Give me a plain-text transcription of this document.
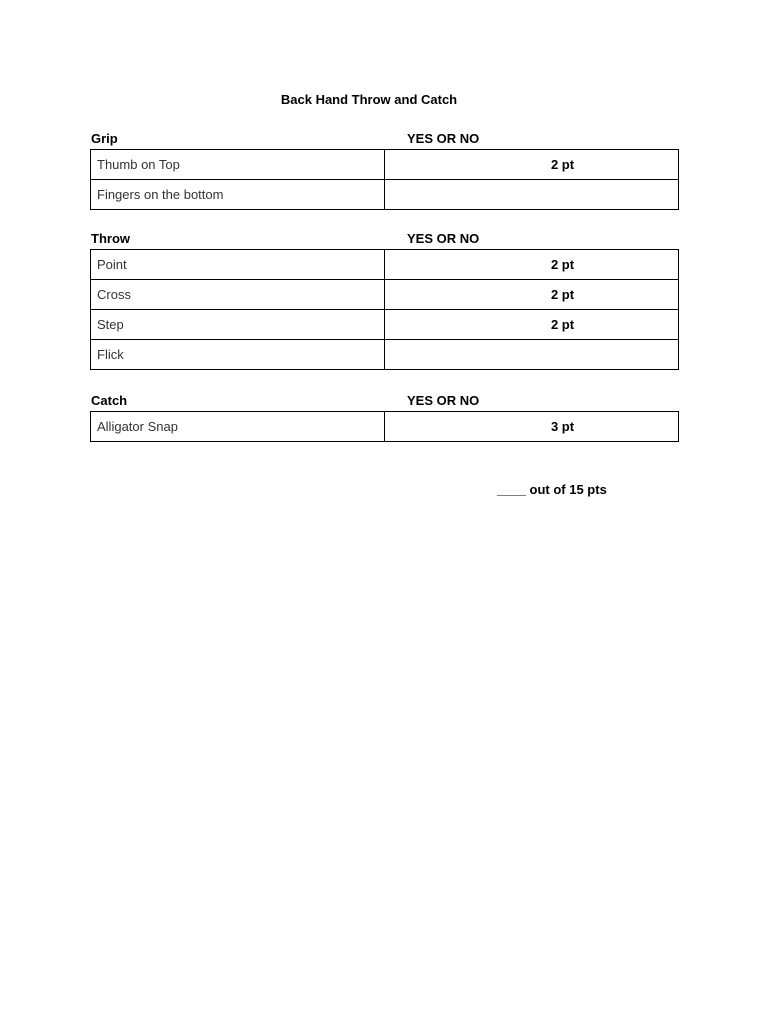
Back Hand Throw and Catch
Grip	YES OR NO
Thumb on Top	2 pt
Fingers on the bottom	
Throw	YES OR NO
Point	2 pt
Cross	2 pt
Step	2 pt
Flick	
Catch	YES OR NO
Alligator Snap	3 pt
____ out of 15 pts
